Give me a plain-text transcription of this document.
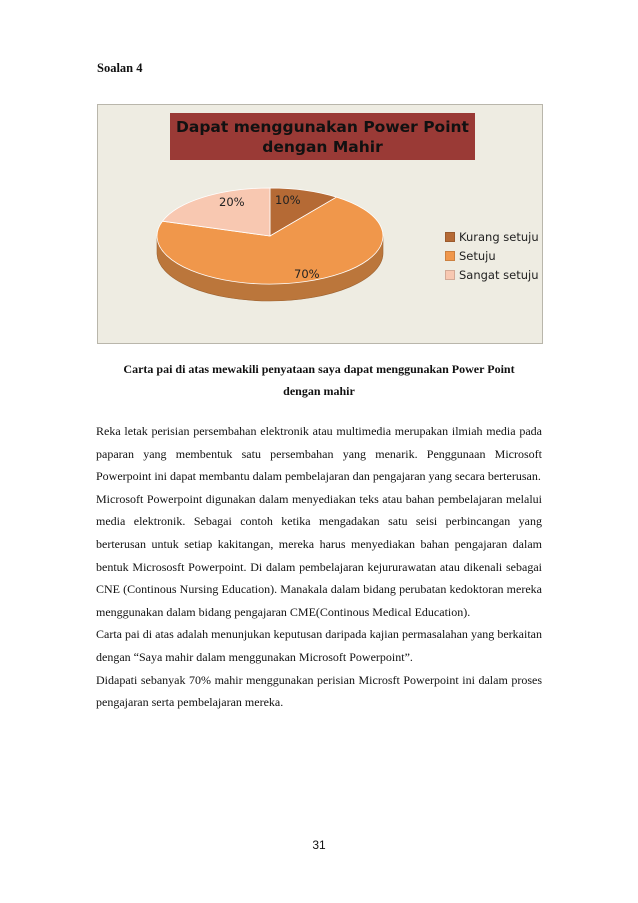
Soalan 4
Dapat menggunakan Power Point
dengan Mahir
10%
70%
20%
Kurang setuju
Setuju
Sangat setuju
Carta pai di atas mewakili penyataan saya dapat menggunakan Power Point
dengan mahir

Reka letak perisian persembahan elektronik atau multimedia merupakan ilmiah media pada paparan yang membentuk satu persembahan yang menarik. Penggunaan Microsoft Powerpoint ini dapat membantu dalam pembelajaran dan pengajaran yang secara berterusan.

Microsoft Powerpoint digunakan dalam menyediakan teks atau bahan pembelajaran melalui media elektronik. Sebagai contoh ketika mengadakan satu seisi perbincangan yang berterusan untuk setiap kakitangan, mereka harus menyediakan bahan pengajaran dalam bentuk Micrososft Powerpoint. Di dalam pembelajaran kejururawatan atau dikenali sebagai CNE (Continous Nursing Education). Manakala dalam bidang perubatan kedoktoran mereka menggunakan dalam bidang pengajaran CME(Continous Medical Education).

Carta pai di atas adalah menunjukan keputusan daripada kajian permasalahan yang berkaitan dengan “Saya mahir dalam menggunakan Microsoft Powerpoint”.

Didapati sebanyak 70% mahir menggunakan perisian Microsft Powerpoint ini dalam proses pengajaran serta pembelajaran mereka.

31
